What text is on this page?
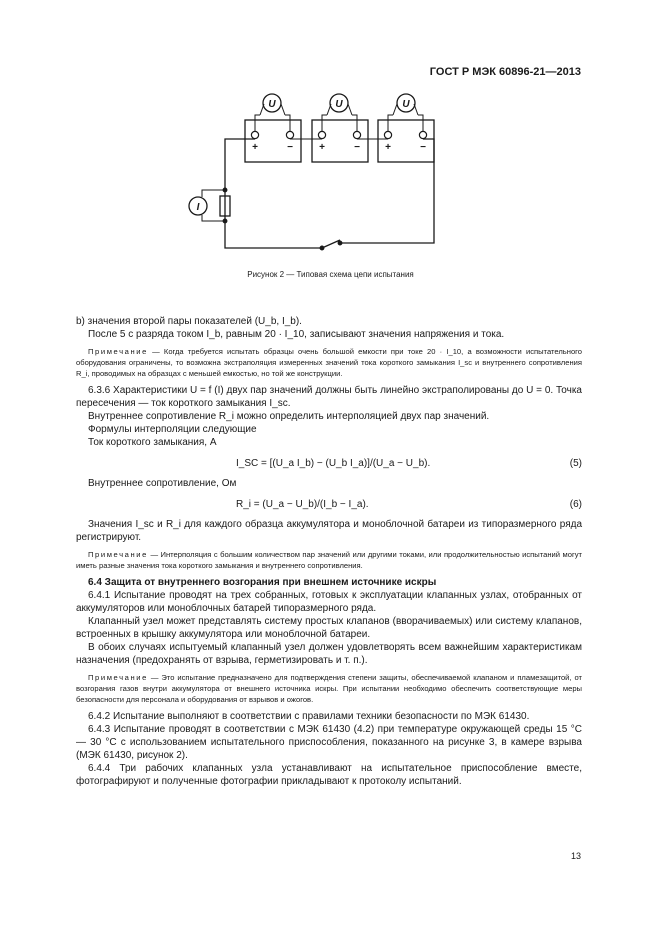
ГОСТ Р МЭК 60896-21—2013
U	U	U
+	−	+	−	+	−
I
Рисунок 2 — Типовая схема цепи испытания

b) значения второй пары показателей (U_b, I_b).

После 5 с разряда током I_b, равным 20 · I_10, записывают значения напряжения и тока.

Примечание — Когда требуется испытать образцы очень большой емкости при токе 20 · I_10, а возможности испытательного оборудования ограничены, то возможна экстраполяция измеренных значений тока короткого замыкания I_sc и внутреннего сопротивления R_i, проводимых на образцах с меньшей емкостью, но той же конструкции.

6.3.6 Характеристики U = f (I) двух пар значений должны быть линейно экстраполированы до U = 0. Точка пересечения — ток короткого замыкания I_sc.

Внутреннее сопротивление R_i можно определить интерполяцией двух пар значений.

Формулы интерполяции следующие

Ток короткого замыкания, А

I_SC = [(U_a I_b) − (U_b I_a)]/(U_a − U_b).	(5)

Внутреннее сопротивление, Ом

R_i = (U_a − U_b)/(I_b − I_a).	(6)

Значения I_sc и R_i для каждого образца аккумулятора и моноблочной батареи из типоразмерного ряда регистрируют.

Примечание — Интерполяция с большим количеством пар значений или другими токами, или продолжительностью испытаний могут иметь разные значения тока короткого замыкания и внутреннего сопротивления.

6.4 Защита от внутреннего возгорания при внешнем источнике искры

6.4.1 Испытание проводят на трех собранных, готовых к эксплуатации клапанных узлах, отобранных от аккумуляторов или моноблочных батарей типоразмерного ряда.

Клапанный узел может представлять систему простых клапанов (вворачиваемых) или систему клапанов, встроенных в крышку аккумулятора или моноблочной батареи.

В обоих случаях испытуемый клапанный узел должен удовлетворять всем важнейшим характеристикам назначения (предохранять от взрыва, герметизировать и т. п.).

Примечание — Это испытание предназначено для подтверждения степени защиты, обеспечиваемой клапаном и пламезащитой, от возгорания газов внутри аккумулятора от внешнего источника искры. При испытании необходимо обеспечить соответствующие меры безопасности для персонала и оборудования от взрывов и ожогов.

6.4.2 Испытание выполняют в соответствии с правилами техники безопасности по МЭК 61430.

6.4.3 Испытание проводят в соответствии с МЭК 61430 (4.2) при температуре окружающей среды 15 °С — 30 °С с использованием испытательного приспособления, показанного на рисунке 3, в камере взрыва (МЭК 61430, рисунок 2).

6.4.4 Три рабочих клапанных узла устанавливают на испытательное приспособление вместе, фотографируют и полученные фотографии прикладывают к протоколу испытаний.

13
